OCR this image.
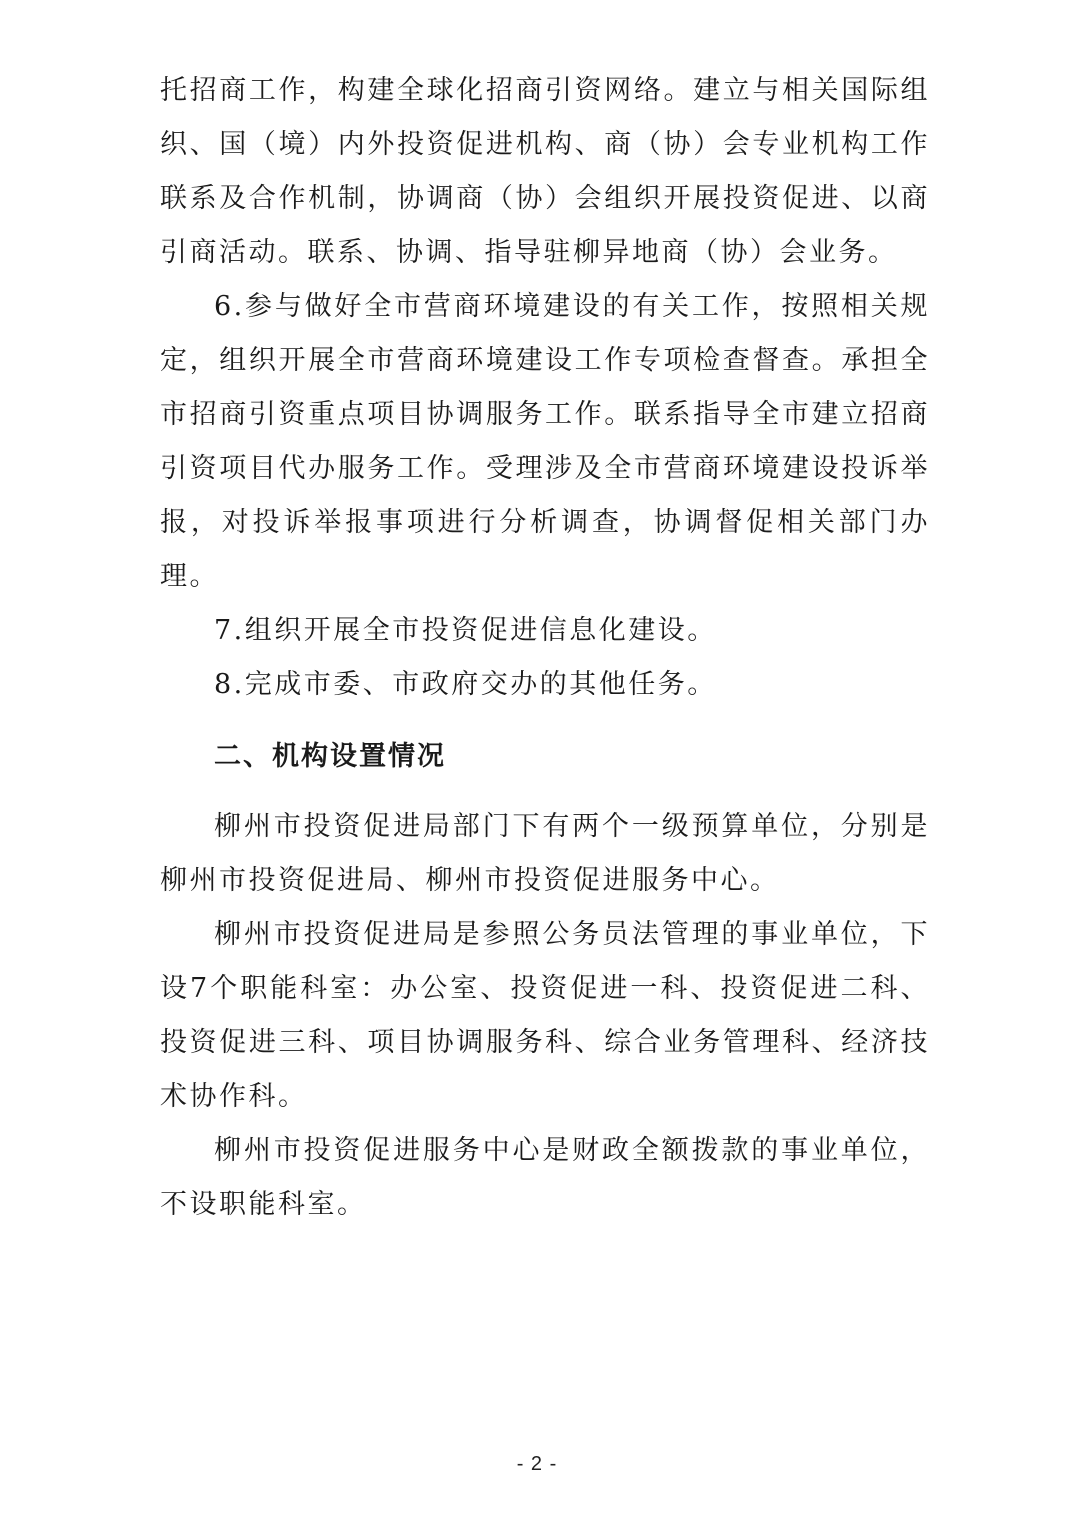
托招商工作，构建全球化招商引资网络。建立与相关国际组织、国（境）内外投资促进机构、商（协）会专业机构工作联系及合作机制，协调商（协）会组织开展投资促进、以商引商活动。联系、协调、指导驻柳异地商（协）会业务。

6.参与做好全市营商环境建设的有关工作，按照相关规定，组织开展全市营商环境建设工作专项检查督查。承担全市招商引资重点项目协调服务工作。联系指导全市建立招商引资项目代办服务工作。受理涉及全市营商环境建设投诉举报，对投诉举报事项进行分析调查，协调督促相关部门办理。

7.组织开展全市投资促进信息化建设。

8.完成市委、市政府交办的其他任务。

二、机构设置情况

柳州市投资促进局部门下有两个一级预算单位，分别是柳州市投资促进局、柳州市投资促进服务中心。

柳州市投资促进局是参照公务员法管理的事业单位，下设7个职能科室：办公室、投资促进一科、投资促进二科、投资促进三科、项目协调服务科、综合业务管理科、经济技术协作科。

柳州市投资促进服务中心是财政全额拨款的事业单位，不设职能科室。

- 2 -
